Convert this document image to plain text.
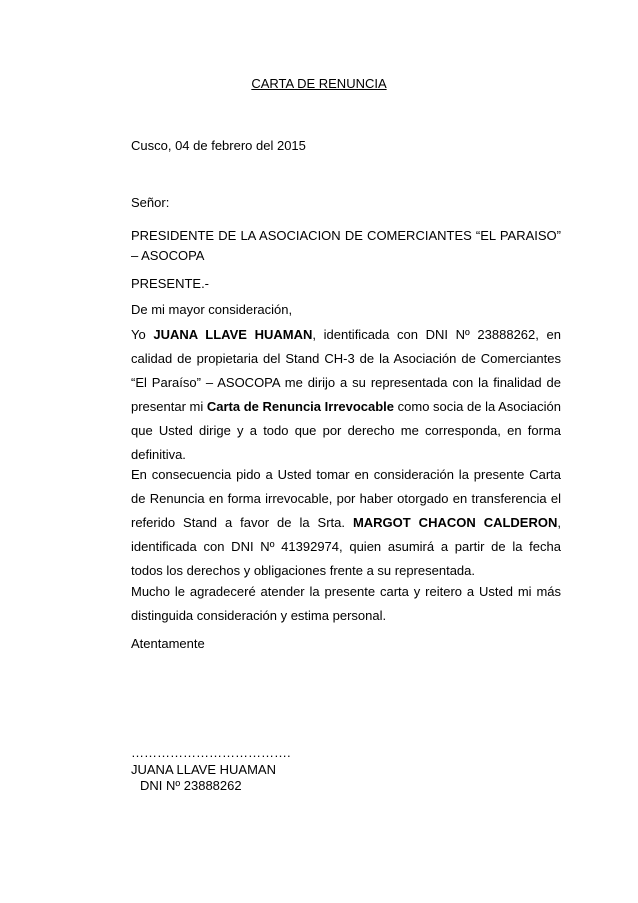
CARTA DE RENUNCIA
Cusco, 04 de febrero del 2015
Señor:

PRESIDENTE DE LA ASOCIACION DE COMERCIANTES “EL PARAISO”

– ASOCOPA

PRESENTE.-
De mi mayor consideración,

Yo JUANA LLAVE HUAMAN, identificada con DNI Nº 23888262, en calidad de propietaria del Stand CH-3 de la Asociación de Comerciantes “El Paraíso” – ASOCOPA me dirijo a su representada con la finalidad de presentar mi Carta de Renuncia Irrevocable como socia de la Asociación que Usted dirige y a todo que por derecho me corresponda, en forma definitiva.

En consecuencia pido a Usted tomar en consideración la presente Carta de Renuncia en forma irrevocable, por haber otorgado en transferencia el referido Stand a favor de la Srta. MARGOT CHACON CALDERON, identificada con DNI Nº 41392974, quien asumirá a partir de la fecha todos los derechos y obligaciones frente a su representada.

Mucho le agradeceré atender la presente carta y reitero a Usted mi más distinguida consideración y estima personal.

Atentamente
……………………………….
JUANA LLAVE HUAMAN
DNI Nº 23888262
